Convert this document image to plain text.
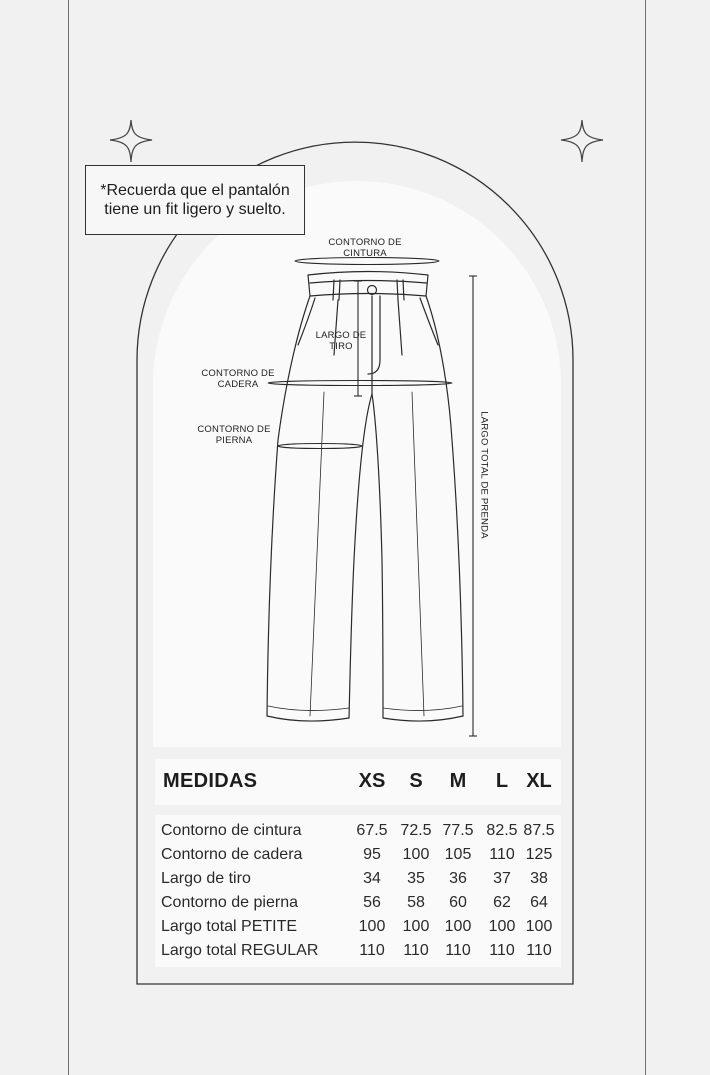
*Recuerda que el pantalón tiene un fit ligero y suelto.
CONTORNO DE CINTURA
LARGO DE TIRO
CONTORNO DE CADERA
CONTORNO DE PIERNA	LARGO TOTAL DE PRENDA
MEDIDAS	XS	S	M	L XL
Contorno de cintura	67.5 72.5 77.5 82.5 87.5
Contorno de cadera	95	100 105	110 125
Largo de tiro	34	35	36	37	38
Contorno de pierna	56	58	60	62	64
Largo total PETITE	100	100 100	100 100
Largo total REGULAR	110	110	110	110 110
